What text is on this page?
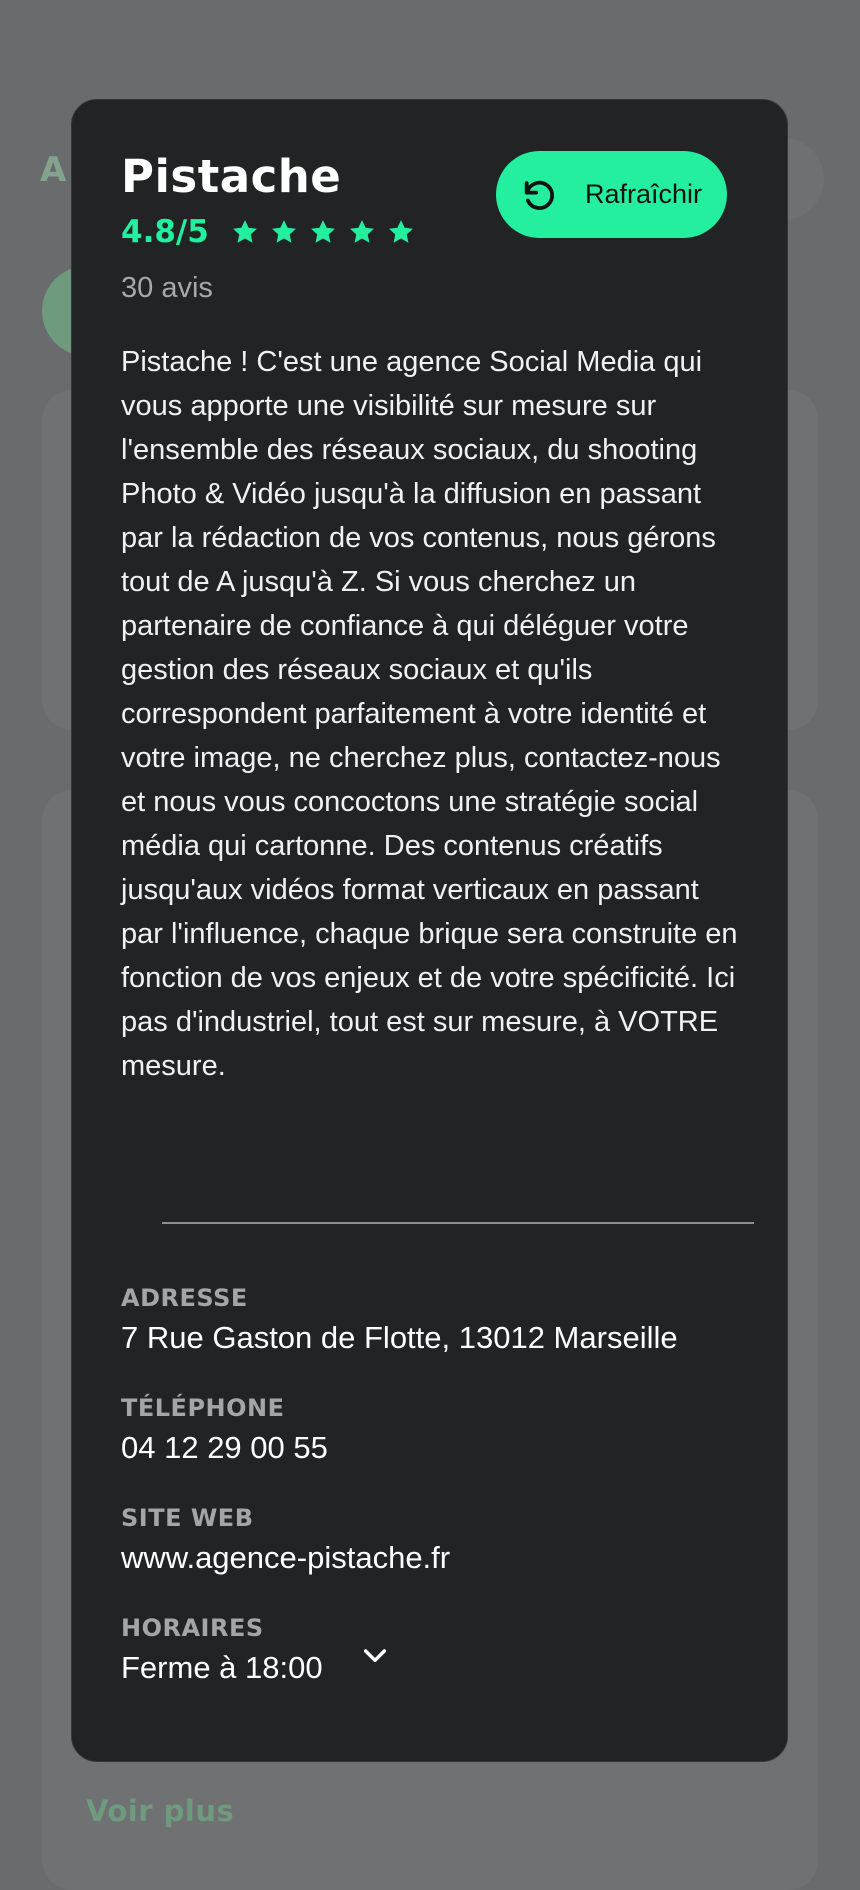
A
Voir plus
Pistache
4.8/5
30 avis
Rafraîchir

Pistache ! C'est une agence Social Media qui vous apporte une visibilité sur mesure sur l'ensemble des réseaux sociaux, du shooting Photo & Vidéo jusqu'à la diffusion en passant par la rédaction de vos contenus, nous gérons tout de A jusqu'à Z. Si vous cherchez un partenaire de confiance à qui déléguer votre gestion des réseaux sociaux et qu'ils correspondent parfaitement à votre identité et votre image, ne cherchez plus, contactez-nous et nous vous concoctons une stratégie social média qui cartonne. Des contenus créatifs jusqu'aux vidéos format verticaux en passant par l'influence, chaque brique sera construite en fonction de vos enjeux et de votre spécificité. Ici pas d'industriel, tout est sur mesure, à VOTRE mesure.

ADRESSE
7 Rue Gaston de Flotte, 13012 Marseille
TÉLÉPHONE
04 12 29 00 55
SITE WEB
www.agence-pistache.fr
HORAIRES
Ferme à 18:00
